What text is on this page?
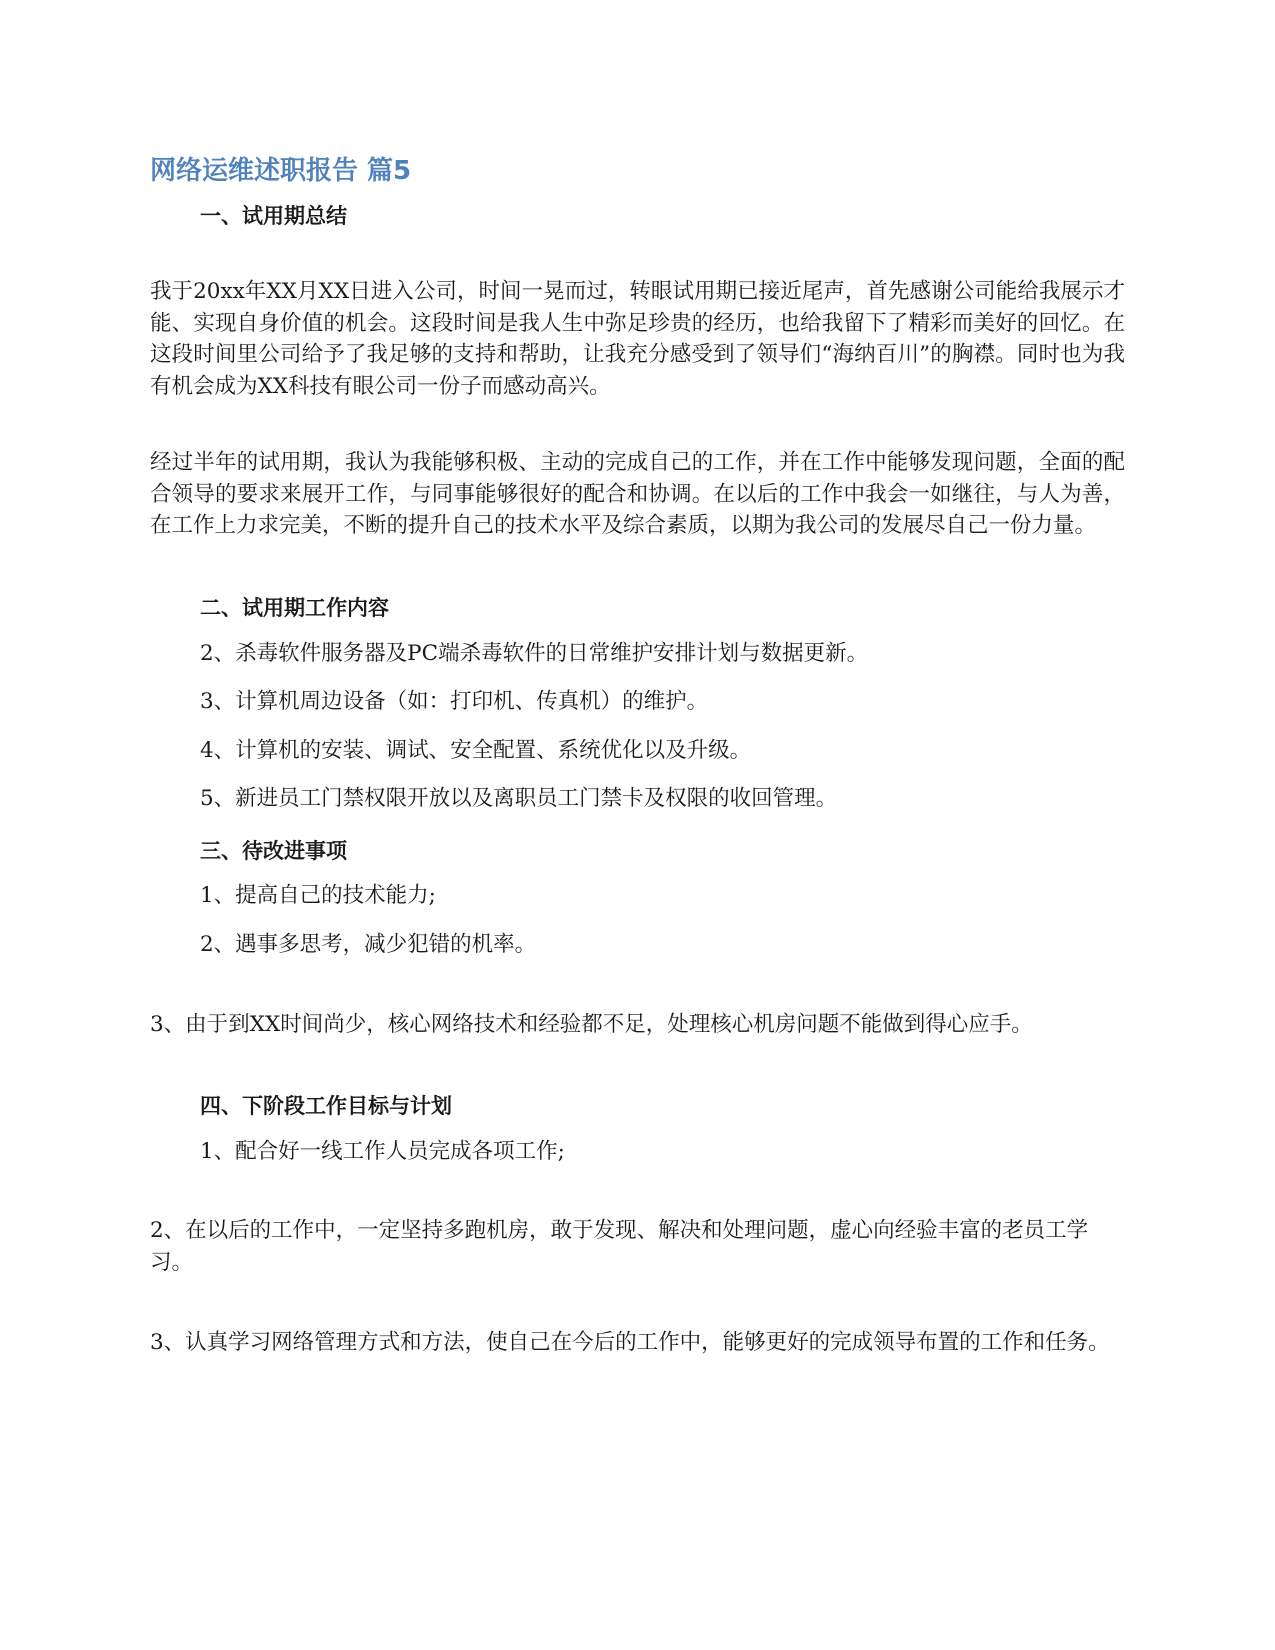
网络运维述职报告 篇5
一、试用期总结

我于20xx年XX月XX日进入公司，时间一晃而过，转眼试用期已接近尾声，首先感谢公司能给我展示才能、实现自身价值的机会。这段时间是我人生中弥足珍贵的经历，也给我留下了精彩而美好的回忆。在这段时间里公司给予了我足够的支持和帮助，让我充分感受到了领导们“海纳百川”的胸襟。同时也为我有机会成为XX科技有眼公司一份子而感动高兴。

经过半年的试用期，我认为我能够积极、主动的完成自己的工作，并在工作中能够发现问题，全面的配合领导的要求来展开工作，与同事能够很好的配合和协调。在以后的工作中我会一如继往，与人为善，在工作上力求完美，不断的提升自己的技术水平及综合素质，以期为我公司的发展尽自己一份力量。

二、试用期工作内容

2、杀毒软件服务器及PC端杀毒软件的日常维护安排计划与数据更新。

3、计算机周边设备（如：打印机、传真机）的维护。

4、计算机的安装、调试、安全配置、系统优化以及升级。

5、新进员工门禁权限开放以及离职员工门禁卡及权限的收回管理。

三、待改进事项

1、提高自己的技术能力;

2、遇事多思考，减少犯错的机率。

3、由于到XX时间尚少，核心网络技术和经验都不足，处理核心机房问题不能做到得心应手。

四、下阶段工作目标与计划

1、配合好一线工作人员完成各项工作;

2、在以后的工作中，一定坚持多跑机房，敢于发现、解决和处理问题，虚心向经验丰富的老员工学习。

3、认真学习网络管理方式和方法，使自己在今后的工作中，能够更好的完成领导布置的工作和任务。
